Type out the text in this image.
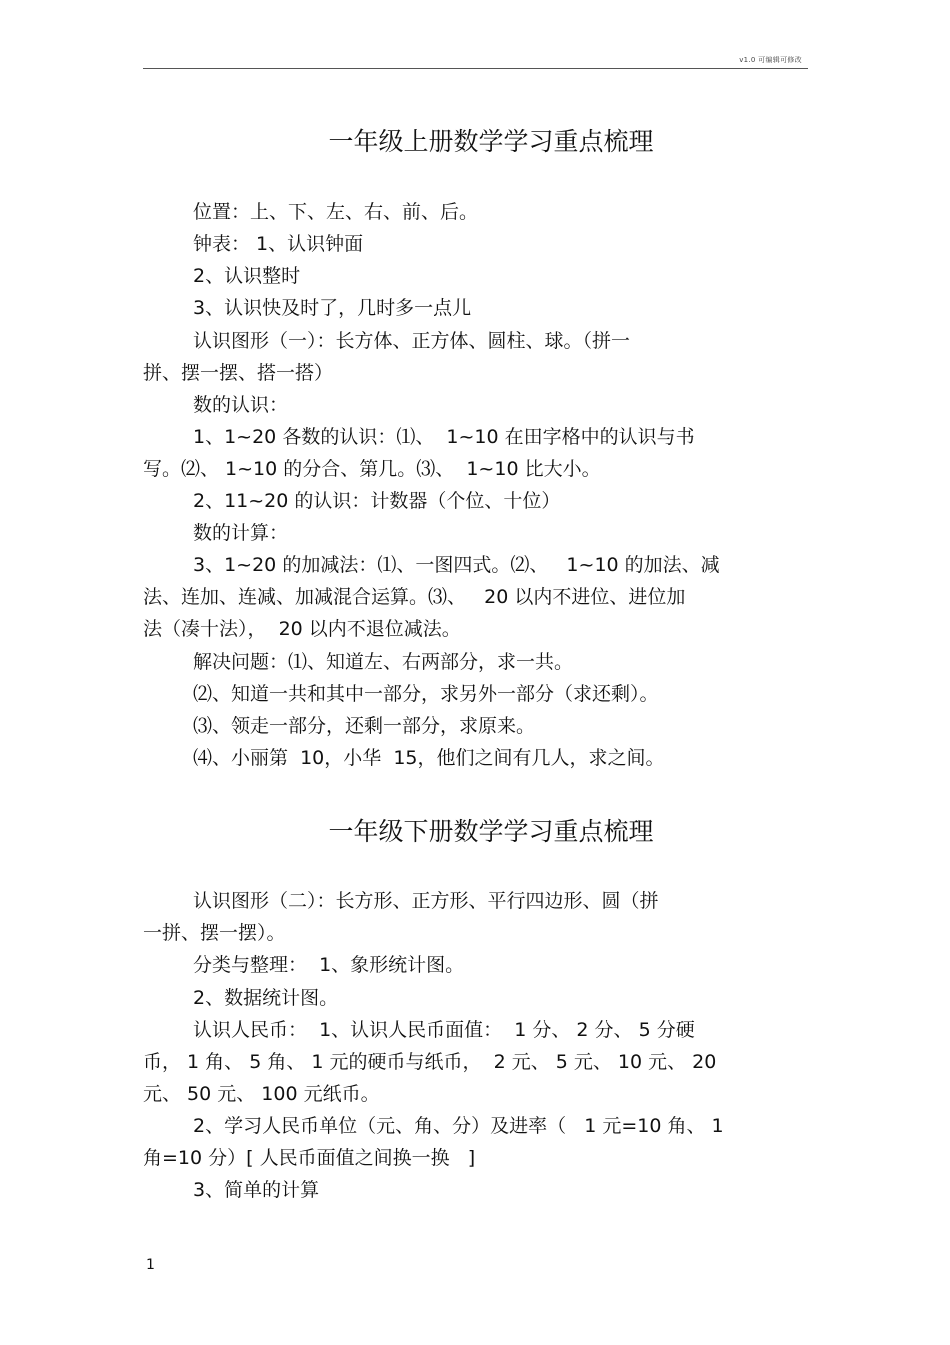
v1.0 可编辑可修改
一年级上册数学学习重点梳理
位置：上、下、左、右、前、后。
钟表： 1、认识钟面
2、认识整时
3、认识快及时了，几时多一点儿
认识图形（一）：长方体、正方体、圆柱、球。（拼一
拼、摆一摆、搭一搭）
数的认识：
1、1~20 各数的认识：⑴、  1~10 在田字格中的认识与书
写。⑵、 1~10 的分合、第几。⑶、  1~10 比大小。
2、11~20 的认识：计数器（个位、十位）
数的计算：
3、1~20 的加减法：⑴、一图四式。⑵、   1~10 的加法、减
法、连加、连减、加减混合运算。⑶、   20 以内不进位、进位加
法（凑十法），  20 以内不退位减法。
解决问题：⑴、知道左、右两部分，求一共。
⑵、知道一共和其中一部分，求另外一部分（求还剩）。
⑶、领走一部分，还剩一部分，求原来。
⑷、小丽第  10，小华  15，他们之间有几人，求之间。
一年级下册数学学习重点梳理
认识图形（二）：长方形、正方形、平行四边形、圆（拼
一拼、摆一摆）。
分类与整理：  1、象形统计图。
2、数据统计图。
认识人民币：  1、认识人民币面值：  1 分、 2 分、 5 分硬
币， 1 角、 5 角、 1 元的硬币与纸币，  2 元、 5 元、 10 元、 20
元、 50 元、 100 元纸币。
2、学习人民币单位（元、角、分）及进率（   1 元=10 角、 1
角=10 分）[ 人民币面值之间换一换   ]
3、简单的计算
1
